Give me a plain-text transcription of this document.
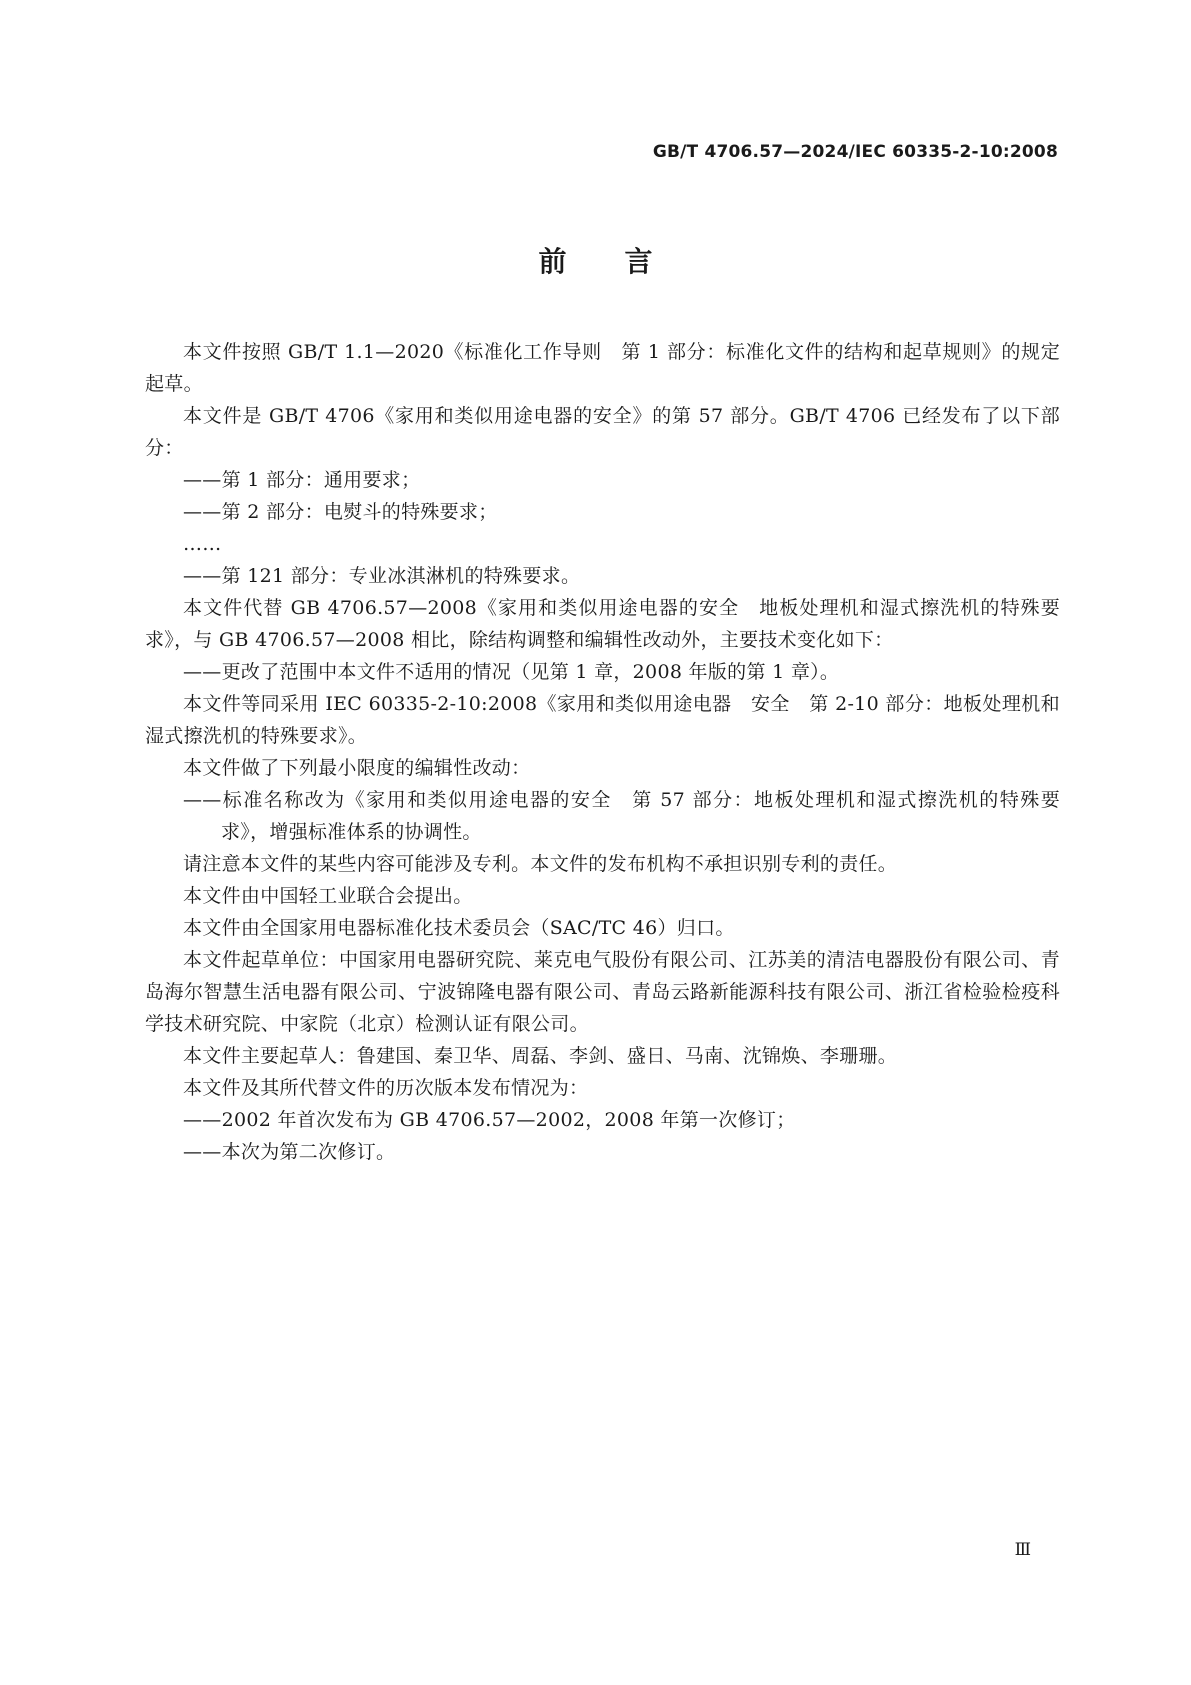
GB/T 4706.57—2024/IEC 60335-2-10:2008
前言

本文件按照 GB/T 1.1—2020《标准化工作导则　第 1 部分：标准化文件的结构和起草规则》的规定起草。

本文件是 GB/T 4706《家用和类似用途电器的安全》的第 57 部分。GB/T 4706 已经发布了以下部分：

——第 1 部分：通用要求；

——第 2 部分：电熨斗的特殊要求；

……

——第 121 部分：专业冰淇淋机的特殊要求。

本文件代替 GB 4706.57—2008《家用和类似用途电器的安全　地板处理机和湿式擦洗机的特殊要求》，与 GB 4706.57—2008 相比，除结构调整和编辑性改动外，主要技术变化如下：

——更改了范围中本文件不适用的情况（见第 1 章，2008 年版的第 1 章）。

本文件等同采用 IEC 60335-2-10:2008《家用和类似用途电器　安全　第 2-10 部分：地板处理机和湿式擦洗机的特殊要求》。

本文件做了下列最小限度的编辑性改动：

——标准名称改为《家用和类似用途电器的安全　第 57 部分：地板处理机和湿式擦洗机的特殊要求》，增强标准体系的协调性。

请注意本文件的某些内容可能涉及专利。本文件的发布机构不承担识别专利的责任。

本文件由中国轻工业联合会提出。

本文件由全国家用电器标准化技术委员会（SAC/TC 46）归口。

本文件起草单位：中国家用电器研究院、莱克电气股份有限公司、江苏美的清洁电器股份有限公司、青岛海尔智慧生活电器有限公司、宁波锦隆电器有限公司、青岛云路新能源科技有限公司、浙江省检验检疫科学技术研究院、中家院（北京）检测认证有限公司。

本文件主要起草人：鲁建国、秦卫华、周磊、李剑、盛日、马南、沈锦焕、李珊珊。

本文件及其所代替文件的历次版本发布情况为：

——2002 年首次发布为 GB 4706.57—2002，2008 年第一次修订；

——本次为第二次修订。

Ⅲ
